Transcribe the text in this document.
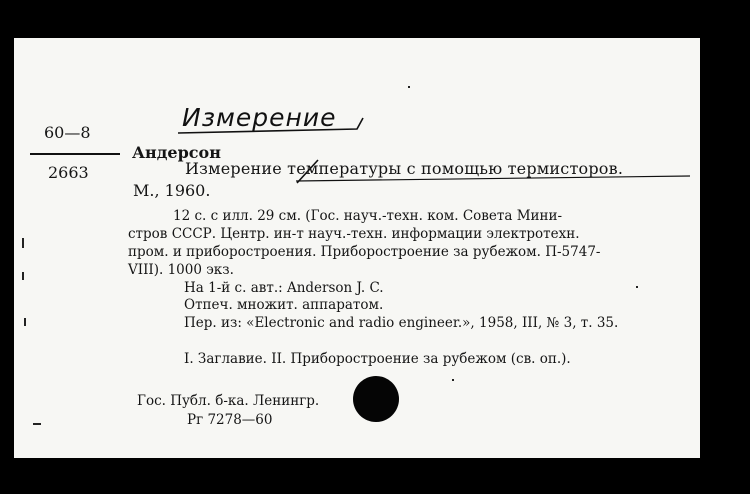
60—8
Измерение
Андерсон
2663	Измерение температуры с помощью термисторов.
М., 1960.
12 с. с илл. 29 см. (Гос. науч.-техн. ком. Совета Мини-
стров СССР. Центр. ин-т науч.-техн. информации электротехн.
пром. и приборостроения. Приборостроение за рубежом. П-5747-
VIII). 1000 экз.
На 1-й с. авт.: Anderson J. C.
Отпеч. множит. аппаратом.
Пер. из: «Electronic and radio engineer.», 1958, III, № 3, т. 35.
I. Заглавие. II. Приборостроение за рубежом (св. оп.).
Гос. Публ. б-ка. Ленингр.
Рг 7278—60
